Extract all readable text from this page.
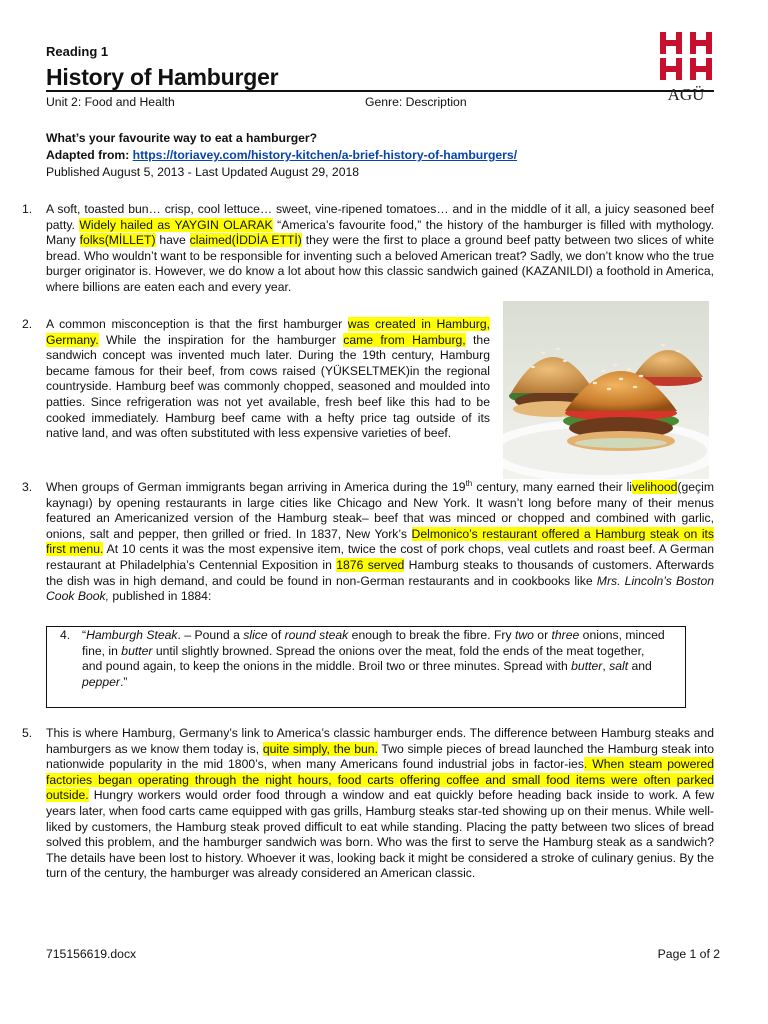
Reading 1
History of Hamburger
Unit 2: Food and Health	Genre: Description	AGÜ
What’s your favourite way to eat a hamburger?
Adapted from: https://toriavey.com/history-kitchen/a-brief-history-of-hamburgers/
Published August 5, 2013 - Last Updated August 29, 2018
1. A soft, toasted bun… crisp, cool lettuce… sweet, vine-ripened tomatoes… and in the middle of it all, a juicy seasoned beef patty. Widely hailed as YAYGIN OLARAK “America’s favourite food,” the history of the hamburger is filled with mythology. Many folks(MİLLET) have claimed(İDDİA ETTİ) they were the first to place a ground beef patty between two slices of white bread. Who wouldn’t want to be responsible for inventing such a beloved American treat? Sadly, we don’t know who the true burger originator is. However, we do know a lot about how this classic sandwich gained (KAZANILDI) a foothold in America, where billions are eaten each and every year.

2. A common misconception is that the first hamburger was created in Hamburg, Germany. While the inspiration for the hamburger came from Hamburg, the sandwich concept was invented much later. During the 19th century, Hamburg became famous for their beef, from cows raised (YÜKSELTMEK)in the regional countryside. Hamburg beef was commonly chopped, seasoned and moulded into patties. Since refrigeration was not yet available, fresh beef like this had to be cooked immediately. Hamburg beef came with a hefty price tag outside of its native land, and was often substituted with less expensive varieties of beef.

3. When groups of German immigrants began arriving in America during the 19th century, many earned their livelihood(geçim kaynagı) by opening restaurants in large cities like Chicago and New York. It wasn’t long before many of their menus featured an Americanized version of the Hamburg steak– beef that was minced or chopped and combined with garlic, onions, salt and pepper, then grilled or fried. In 1837, New York’s Delmonico’s restaurant offered a Hamburg steak on its first menu. At 10 cents it was the most expensive item, twice the cost of pork chops, veal cutlets and roast beef. A German restaurant at Philadelphia’s Centennial Exposition in 1876 served Hamburg steaks to thousands of customers. Afterwards the dish was in high demand, and could be found in non-German restaurants and in cookbooks like Mrs. Lincoln’s Boston Cook Book, published in 1884:

4. “Hamburgh Steak. – Pound a slice of round steak enough to break the fibre. Fry two or three onions, minced fine, in butter until slightly browned. Spread the onions over the meat, fold the ends of the meat together, and pound again, to keep the onions in the middle. Broil two or three minutes. Spread with butter, salt and pepper.”
5. This is where Hamburg, Germany’s link to America’s classic hamburger ends. The difference between Hamburg steaks and hamburgers as we know them today is, quite simply, the bun. Two simple pieces of bread launched the Hamburg steak into nationwide popularity in the mid 1800’s, when many Americans found industrial jobs in factor-ies. When steam powered factories began operating through the night hours, food carts offering coffee and small food items were often parked outside. Hungry workers would order food through a window and eat quickly before heading back inside to work. A few years later, when food carts came equipped with gas grills, Hamburg steaks star-ted showing up on their menus. While well-liked by customers, the Hamburg steak proved difficult to eat while standing. Placing the patty between two slices of bread solved this problem, and the hamburger sandwich was born. Who was the first to serve the Hamburg steak as a sandwich? The details have been lost to history. Whoever it was, looking back it might be considered a stroke of culinary genius. By the turn of the century, the hamburger was already considered an American classic.

715156619.docx	Page 1 of 2
